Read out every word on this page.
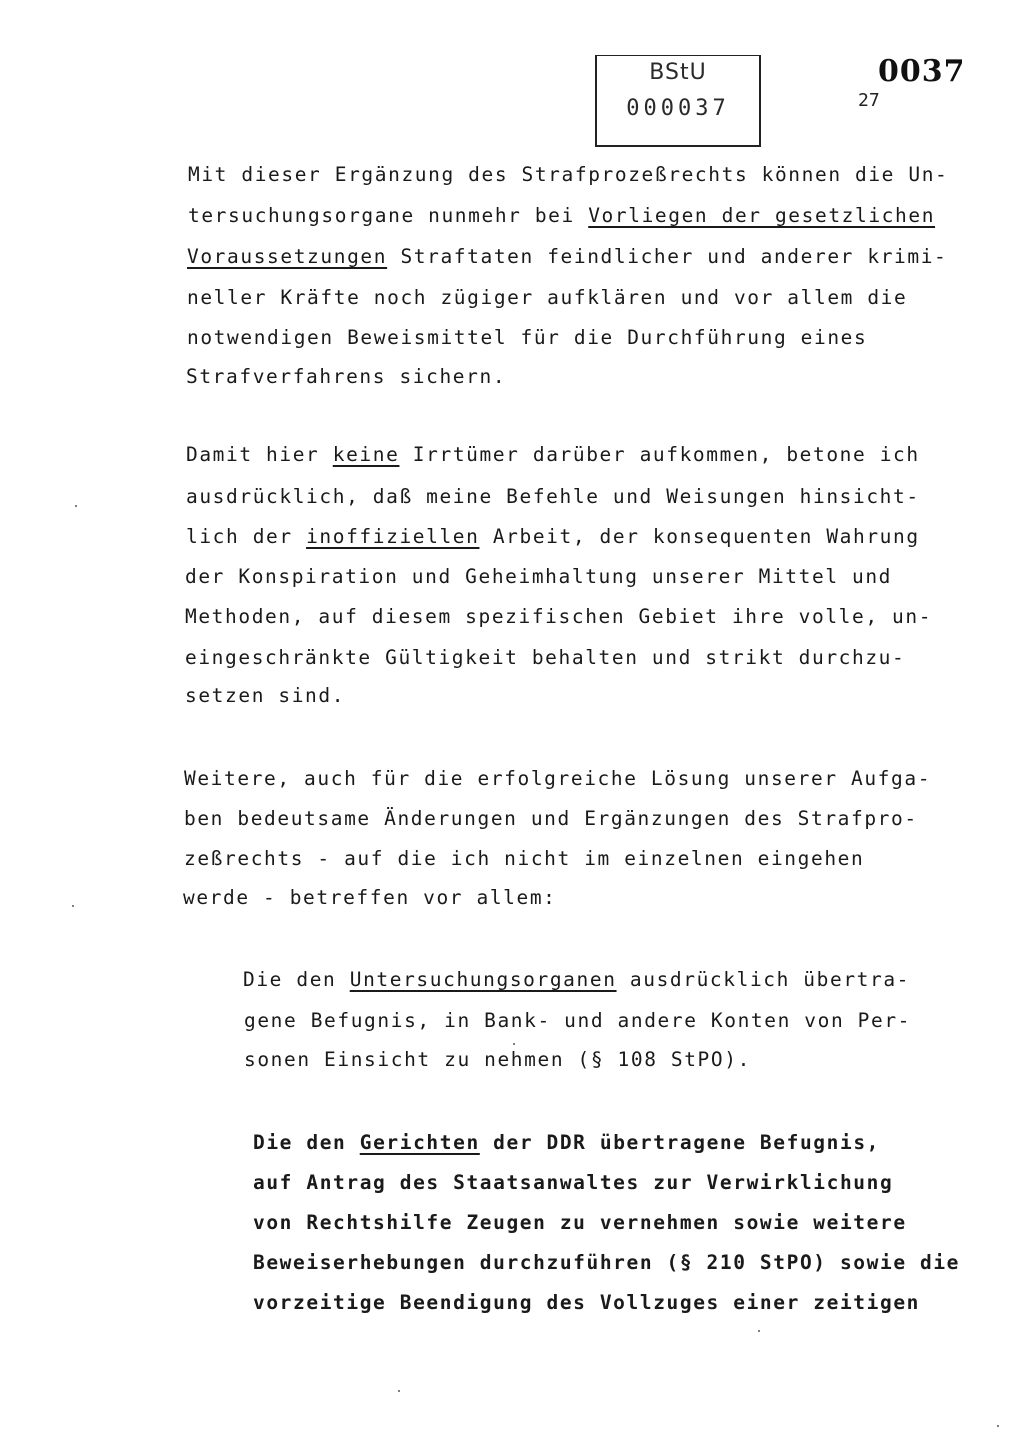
BStU
000037
0037
27
Mit dieser Ergänzung des Strafprozeßrechts können die Un-
tersuchungsorgane nunmehr bei Vorliegen der gesetzlichen
Voraussetzungen Straftaten feindlicher und anderer krimi-
neller Kräfte noch zügiger aufklären und vor allem die
notwendigen Beweismittel für die Durchführung eines
Strafverfahrens sichern.
Damit hier keine Irrtümer darüber aufkommen, betone ich
ausdrücklich, daß meine Befehle und Weisungen hinsicht-
lich der inoffiziellen Arbeit, der konsequenten Wahrung
der Konspiration und Geheimhaltung unserer Mittel und
Methoden, auf diesem spezifischen Gebiet ihre volle, un-
eingeschränkte Gültigkeit behalten und strikt durchzu-
setzen sind.
Weitere, auch für die erfolgreiche Lösung unserer Aufga-
ben bedeutsame Änderungen und Ergänzungen des Strafpro-
zeßrechts - auf die ich nicht im einzelnen eingehen
werde - betreffen vor allem:
Die den Untersuchungsorganen ausdrücklich übertra-
gene Befugnis, in Bank- und andere Konten von Per-
sonen Einsicht zu nehmen (§ 108 StPO).
Die den Gerichten der DDR übertragene Befugnis,
auf Antrag des Staatsanwaltes zur Verwirklichung
von Rechtshilfe Zeugen zu vernehmen sowie weitere
Beweiserhebungen durchzuführen (§ 210 StPO) sowie die
vorzeitige Beendigung des Vollzuges einer zeitigen
